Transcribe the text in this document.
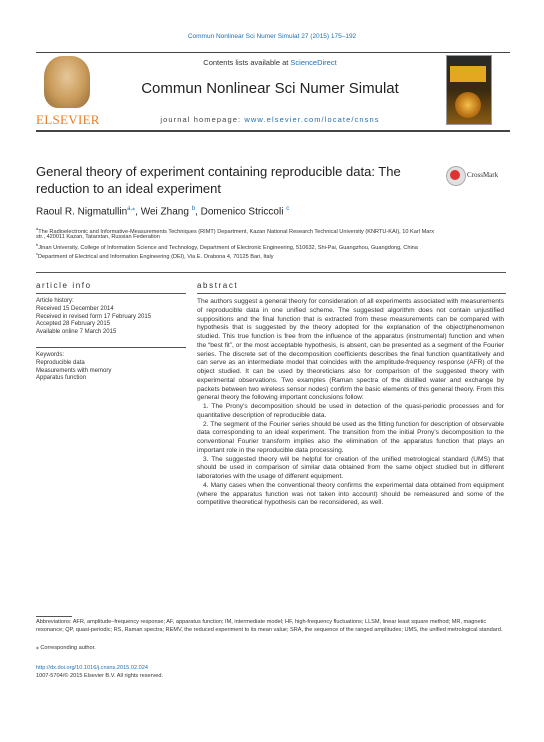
Commun Nonlinear Sci Numer Simulat 27 (2015) 175–192
ELSEVIER
Contents lists available at ScienceDirect
Commun Nonlinear Sci Numer Simulat
journal homepage: www.elsevier.com/locate/cnsns
General theory of experiment containing reproducible data: The
reduction to an ideal experiment
CrossMark
Raoul R. Nigmatullin$^{a,⁎}$, Wei Zhang $^b$, Domenico Striccoli $^c$
$^a$The Radioelectronic and Informative-Measurements Techniques (RIMT) Department, Kazan National Research Technical University (KNRTU-KAI), 10 Karl Marx
str., 420011 Kazan, Tatarstan, Russian Federation
$^b$Jinan University, College of Information Science and Technology, Department of Electronic Engineering, 510632, Shi-Pai, Guangzhou, Guangdong, China
$^c$Department of Electrical and Information Engineering (DEI), Via E. Orabona 4, 70125 Bari, Italy
article info	abstract
Article history:
Received 15 December 2014
Received in revised form 17 February 2015
Accepted 28 February 2015
Available online 7 March 2015
Keywords:
Reproducible data
Measurements with memory
Apparatus function

The authors suggest a general theory for consideration of all experiments associated with measurements of reproducible data in one unified scheme. The suggested algorithm does not contain unjustified suppositions and the final function that is extracted from these measurements can be compared with hypothesis that is suggested by the theory adopted for the explanation of the object/phenomenon studied. This true function is free from the influence of the apparatus (instrumental) function and when the “best fit”, or the most acceptable hypothesis, is absent, can be presented as a segment of the Fourier series. The discrete set of the decomposition coefficients describes the final function quantitatively and can serve as an intermediate model that coincides with the amplitude-frequency response (AFR) of the object studied. It can be used by theoreticians also for comparison of the suggested theory with experimental observations. Two examples (Raman spectra of the distilled water and exchange by packets between two wireless sensor nodes) confirm the basic elements of this general theory. From this general theory the following important conclusions follow:

1. The Prony’s decomposition should be used in detection of the quasi-periodic processes and for quantitative description of reproducible data.

2. The segment of the Fourier series should be used as the fitting function for description of observable data corresponding to an ideal experiment. The transition from the initial Prony’s decomposition to the conventional Fourier transform implies also the elimination of the apparatus function that plays an important role in the reproducible data processing.

3. The suggested theory will be helpful for creation of the unified metrological standard (UMS) that should be used in comparison of similar data obtained from the same object studied but in different laboratories with the usage of different equipment.

4. Many cases when the conventional theory confirms the experimental data obtained from equipment (where the apparatus function was not taken into account) should be remeasured and some of the competitive theoretical hypothesis can be reconsidered, as well.

Abbreviations: AFR, amplitude–frequency response; AF, apparatus function; IM, intermediate model; HF, high-frequency fluctuations; LLSM, linear least square method; MR, magnetic resonance; QP, quasi-periodic; RS, Raman spectra; REMV, the reduced experiment to its mean value; SRA, the sequence of the ranged amplitudes; UMS, the unified metrological standard.
⁎ Corresponding author.
http://dx.doi.org/10.1016/j.cnsns.2015.02.024
1007-5704/© 2015 Elsevier B.V. All rights reserved.
